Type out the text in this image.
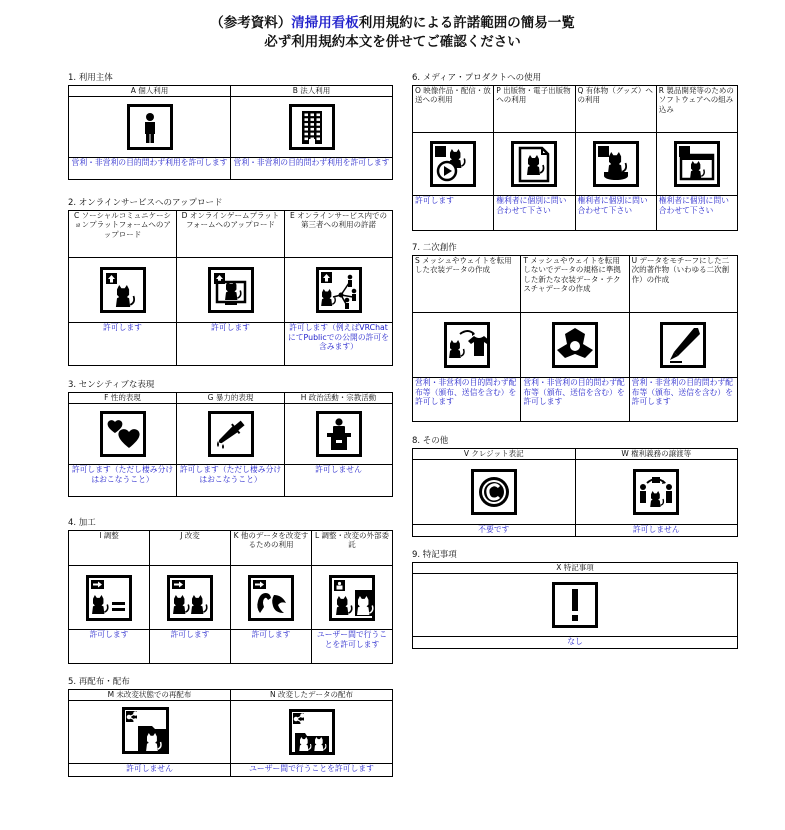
（参考資料）清掃用看板利用規約による許諾範囲の簡易一覧
必ず利用規約本文を併せてご確認ください
1. 利用主体
A 個人利用	B 法人利用

営利・非営利の目的問わず利用を許可します	営利・非営利の目的問わず利用を許可します
2. オンラインサービスへのアップロード
C ソーシャルコミュニケーションプラットフォームへのアップロード	D オンラインゲームプラットフォームへのアップロード	E オンラインサービス内での第三者への利用の許諾

許可します	許可します	許可します（例えばVRChatにてPublicでの公開の許可を含みます）
3. センシティブな表現
F 性的表現	G 暴力的表現	H 政治活動・宗教活動

許可します（ただし棲み分けはおこなうこと）	許可します（ただし棲み分けはおこなうこと）	許可しません
4. 加工
I 調整	J 改変	K 他のデータを改変するための利用	L 調整・改変の外部委託

許可します	許可します	許可します	ユーザー間で行うことを許可します
5. 再配布・配布
M 未改変状態での再配布	N 改変したデータの配布

許可しません	ユーザー間で行うことを許可します
6. メディア・プロダクトへの使用
O 映像作品・配信・放送への利用	P 出版物・電子出版物への利用	Q 有体物（グッズ）への利用	R 製品開発等のためのソフトウェアへの組み込み

許可します	権利者に個別に問い合わせて下さい	権利者に個別に問い合わせて下さい	権利者に個別に問い合わせて下さい
7. 二次創作
S メッシュやウェイトを転用した衣装データの作成	T メッシュやウェイトを転用しないでデータの規格に準拠した新たな衣装データ・テクスチャデータの作成	U データをモチーフにした二次的著作物（いわゆる二次創作）の作成

営利・非営利の目的問わず配布等（頒布、送信を含む）を許可します	営利・非営利の目的問わず配布等（頒布、送信を含む）を許可します	営利・非営利の目的問わず配布等（頒布、送信を含む）を許可します
8. その他
V クレジット表記	W 権利義務の譲渡等

不要です	許可しません
9. 特記事項
X 特記事項

なし
